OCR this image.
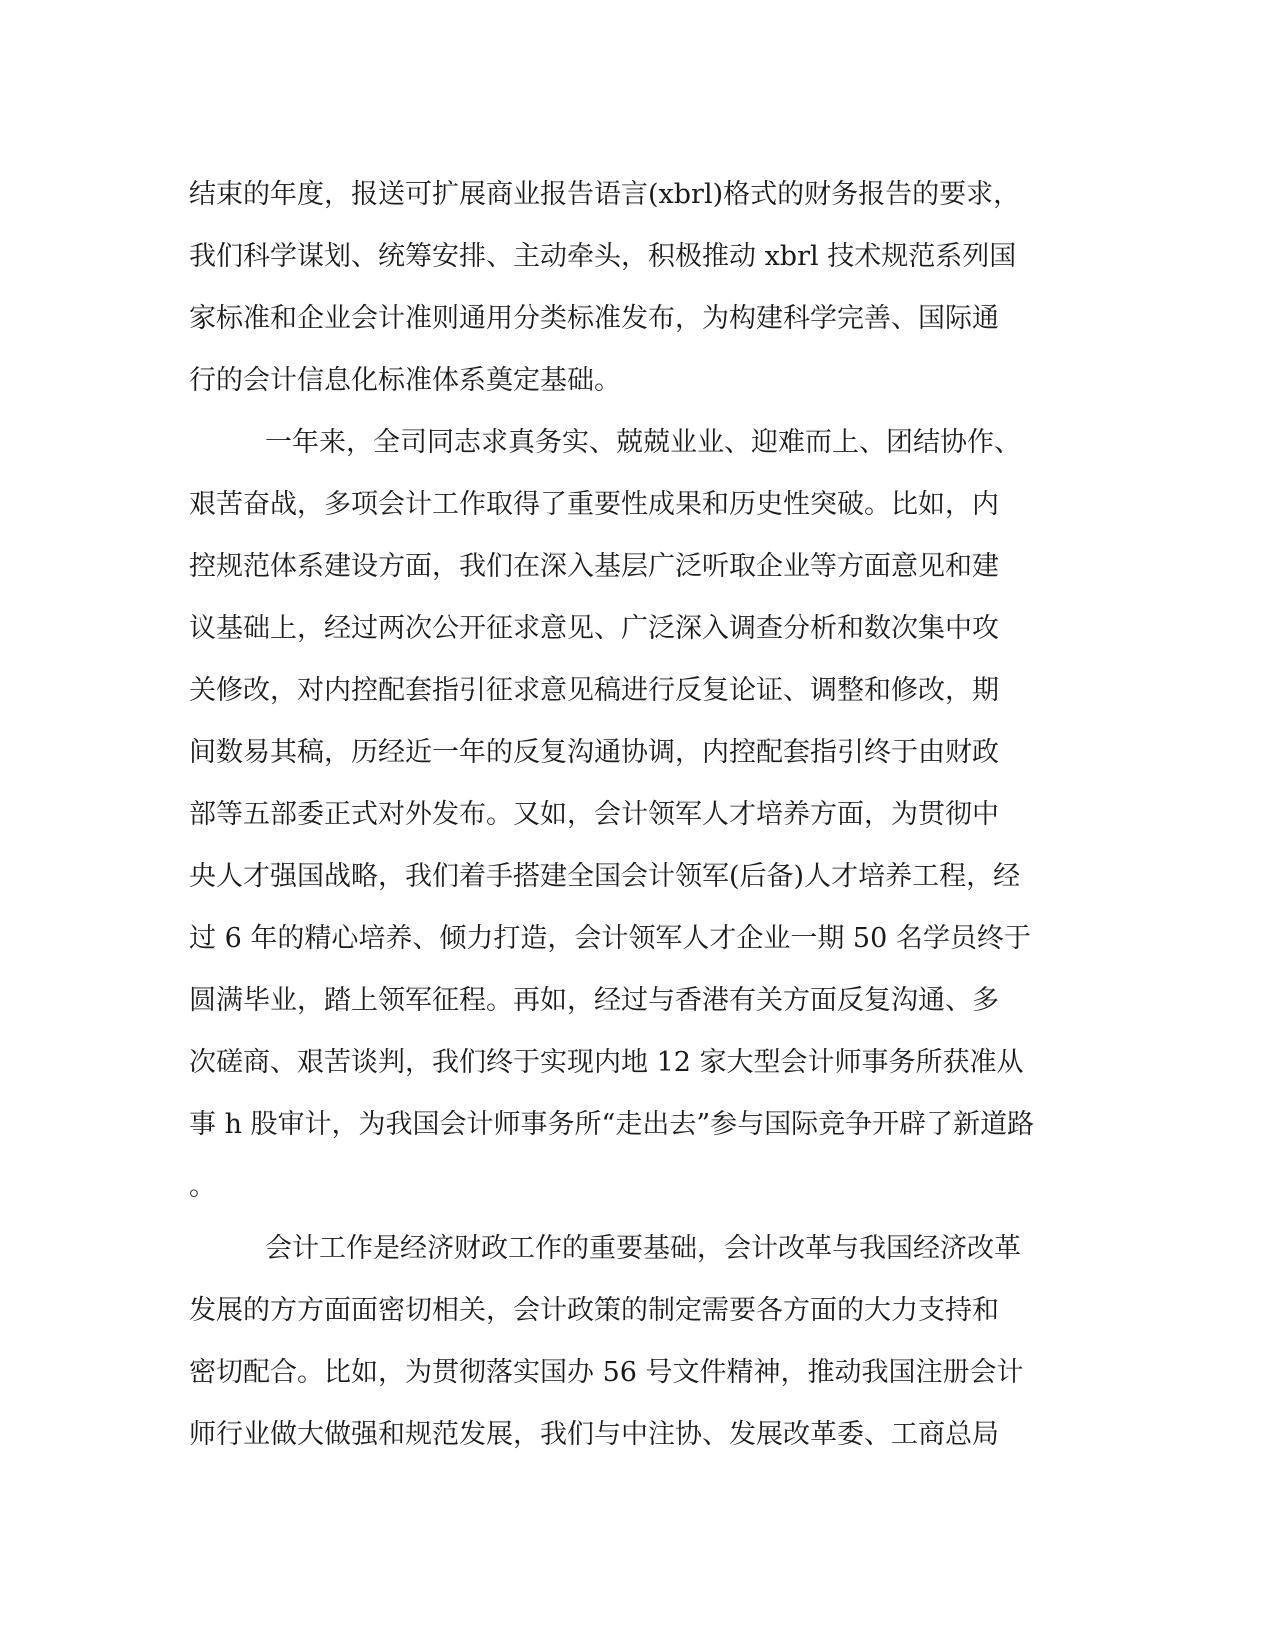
结束的年度，报送可扩展商业报告语言(xbrl)格式的财务报告的要求，
我们科学谋划、统筹安排、主动牵头，积极推动 xbrl 技术规范系列国
家标准和企业会计准则通用分类标准发布，为构建科学完善、国际通
行的会计信息化标准体系奠定基础。
一年来，全司同志求真务实、兢兢业业、迎难而上、团结协作、
艰苦奋战，多项会计工作取得了重要性成果和历史性突破。比如，内
控规范体系建设方面，我们在深入基层广泛听取企业等方面意见和建
议基础上，经过两次公开征求意见、广泛深入调查分析和数次集中攻
关修改，对内控配套指引征求意见稿进行反复论证、调整和修改，期
间数易其稿，历经近一年的反复沟通协调，内控配套指引终于由财政
部等五部委正式对外发布。又如，会计领军人才培养方面，为贯彻中
央人才强国战略，我们着手搭建全国会计领军(后备)人才培养工程，经
过 6 年的精心培养、倾力打造，会计领军人才企业一期 50 名学员终于
圆满毕业，踏上领军征程。再如，经过与香港有关方面反复沟通、多
次磋商、艰苦谈判，我们终于实现内地 12 家大型会计师事务所获准从
事 h 股审计，为我国会计师事务所“走出去”参与国际竞争开辟了新道路
。
会计工作是经济财政工作的重要基础，会计改革与我国经济改革
发展的方方面面密切相关，会计政策的制定需要各方面的大力支持和
密切配合。比如，为贯彻落实国办 56 号文件精神，推动我国注册会计
师行业做大做强和规范发展，我们与中注协、发展改革委、工商总局
